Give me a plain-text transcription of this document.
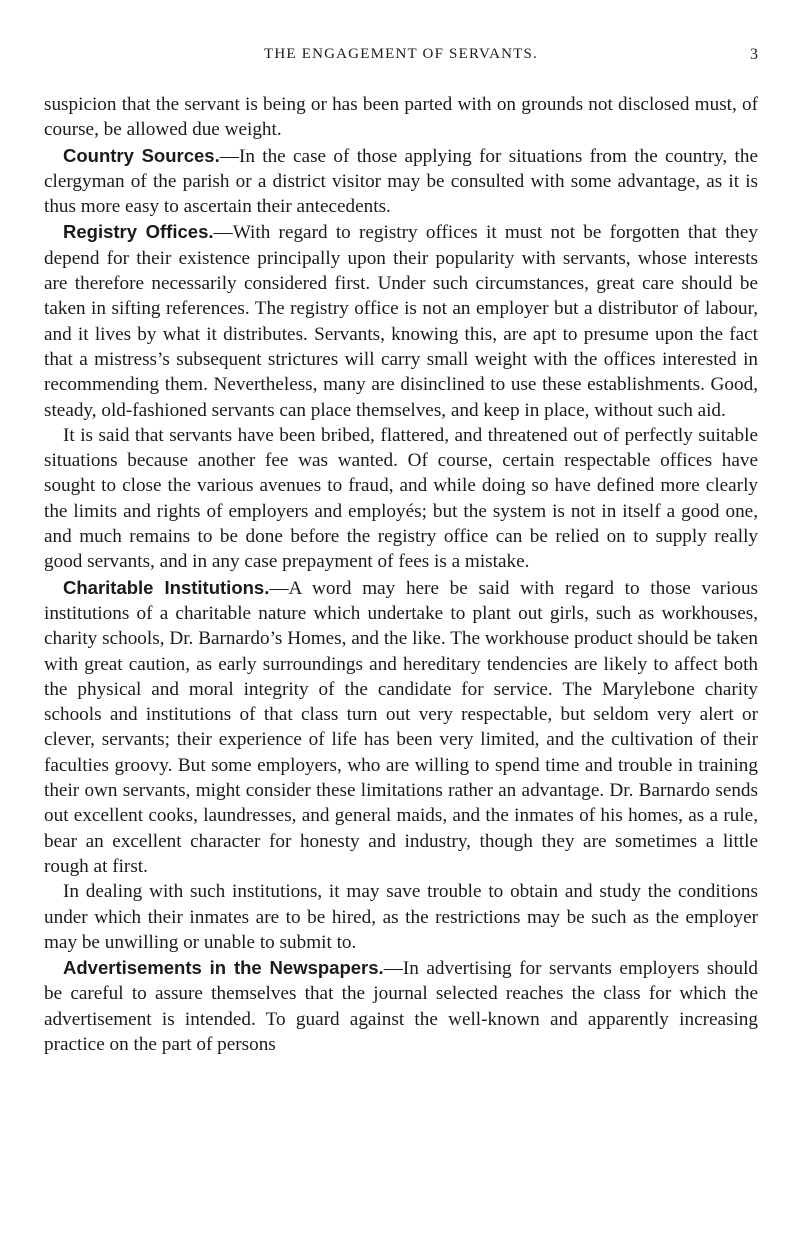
THE ENGAGEMENT OF SERVANTS.	3

suspicion that the servant is being or has been parted with on grounds not disclosed must, of course, be allowed due weight.

Country Sources.—In the case of those applying for situations from the country, the clergyman of the parish or a district visitor may be consulted with some advantage, as it is thus more easy to ascertain their antecedents.

Registry Offices.—With regard to registry offices it must not be forgotten that they depend for their existence principally upon their popularity with servants, whose interests are therefore necessarily considered first. Under such circumstances, great care should be taken in sifting references. The registry office is not an employer but a distributor of labour, and it lives by what it distributes. Servants, knowing this, are apt to presume upon the fact that a mistress’s subsequent strictures will carry small weight with the offices interested in recommending them. Nevertheless, many are disinclined to use these establishments. Good, steady, old-fashioned servants can place themselves, and keep in place, without such aid.

It is said that servants have been bribed, flattered, and threatened out of perfectly suitable situations because another fee was wanted. Of course, certain respectable offices have sought to close the various avenues to fraud, and while doing so have defined more clearly the limits and rights of employers and employés; but the system is not in itself a good one, and much remains to be done before the registry office can be relied on to supply really good servants, and in any case prepayment of fees is a mistake.

Charitable Institutions.—A word may here be said with regard to those various institutions of a charitable nature which undertake to plant out girls, such as workhouses, charity schools, Dr. Barnardo’s Homes, and the like. The workhouse product should be taken with great caution, as early surroundings and hereditary tendencies are likely to affect both the physical and moral integrity of the candidate for service. The Marylebone charity schools and institutions of that class turn out very respectable, but seldom very alert or clever, servants; their experience of life has been very limited, and the cultivation of their faculties groovy. But some employers, who are willing to spend time and trouble in training their own servants, might consider these limitations rather an advantage. Dr. Barnardo sends out excellent cooks, laundresses, and general maids, and the inmates of his homes, as a rule, bear an excellent character for honesty and industry, though they are sometimes a little rough at first.

In dealing with such institutions, it may save trouble to obtain and study the conditions under which their inmates are to be hired, as the restrictions may be such as the employer may be unwilling or unable to submit to.

Advertisements in the Newspapers.—In advertising for servants employers should be careful to assure themselves that the journal selected reaches the class for which the advertisement is intended. To guard against the well-known and apparently increasing practice on the part of persons
